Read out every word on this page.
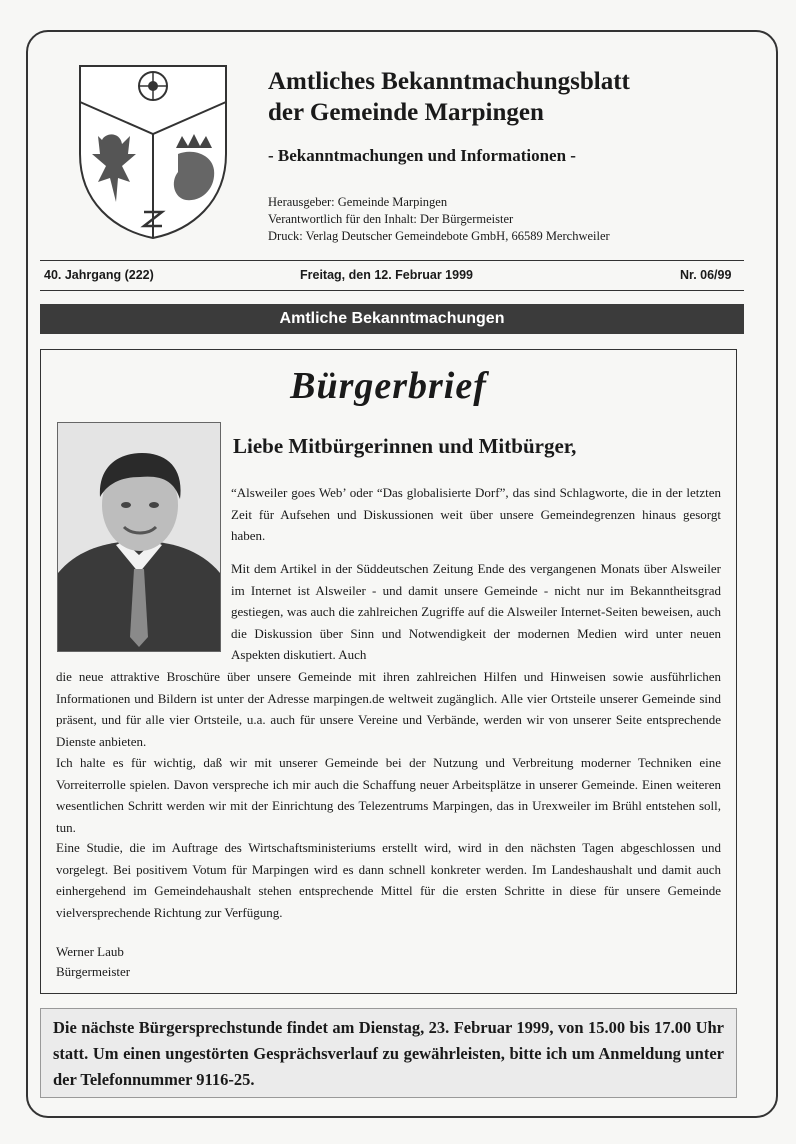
Amtliches Bekanntmachungsblatt
der Gemeinde Marpingen
- Bekanntmachungen und Informationen -
Herausgeber: Gemeinde Marpingen
Verantwortlich für den Inhalt: Der Bürgermeister
Druck: Verlag Deutscher Gemeindebote GmbH, 66589 Merchweiler
40. Jahrgang (222)	Freitag, den 12. Februar 1999	Nr. 06/99
Amtliche Bekanntmachungen
Bürgerbrief
Liebe Mitbürgerinnen und Mitbürger,

“Alsweiler goes Web’ oder “Das globalisierte Dorf”, das sind Schlagworte, die in der letzten Zeit für Aufsehen und Diskussionen weit über unsere Gemeindegrenzen hinaus gesorgt haben.

Mit dem Artikel in der Süddeutschen Zeitung Ende des vergangenen Monats über Alsweiler im Internet ist Alsweiler - und damit unsere Gemeinde - nicht nur im Bekanntheitsgrad gestiegen, was auch die zahlreichen Zugriffe auf die Alsweiler Internet-Seiten beweisen, auch die Diskussion über Sinn und Notwendigkeit der modernen Medien wird unter neuen Aspekten diskutiert. Auch

die neue attraktive Broschüre über unsere Gemeinde mit ihren zahlreichen Hilfen und Hinweisen sowie ausführlichen Informationen und Bildern ist unter der Adresse marpingen.de weltweit zugänglich. Alle vier Ortsteile unserer Gemeinde sind präsent, und für alle vier Ortsteile, u.a. auch für unsere Vereine und Verbände, werden wir von unserer Seite entsprechende Dienste anbieten.
Ich halte es für wichtig, daß wir mit unserer Gemeinde bei der Nutzung und Verbreitung moderner Techniken eine Vorreiterrolle spielen. Davon verspreche ich mir auch die Schaffung neuer Arbeitsplätze in unserer Gemeinde. Einen weiteren wesentlichen Schritt werden wir mit der Einrichtung des Telezentrums Marpingen, das in Urexweiler im Brühl entstehen soll, tun.

Eine Studie, die im Auftrage des Wirtschaftsministeriums erstellt wird, wird in den nächsten Tagen abgeschlossen und vorgelegt. Bei positivem Votum für Marpingen wird es dann schnell konkreter werden. Im Landeshaushalt und damit auch einhergehend im Gemeindehaushalt stehen entsprechende Mittel für die ersten Schritte in diese für unsere Gemeinde vielversprechende Richtung zur Verfügung.

Werner Laub
Bürgermeister
Die nächste Bürgersprechstunde findet am Dienstag, 23. Februar 1999, von 15.00 bis 17.00 Uhr statt. Um einen ungestörten Gesprächsverlauf zu gewährleisten, bitte ich um Anmeldung unter der Telefonnummer 9116-25.
